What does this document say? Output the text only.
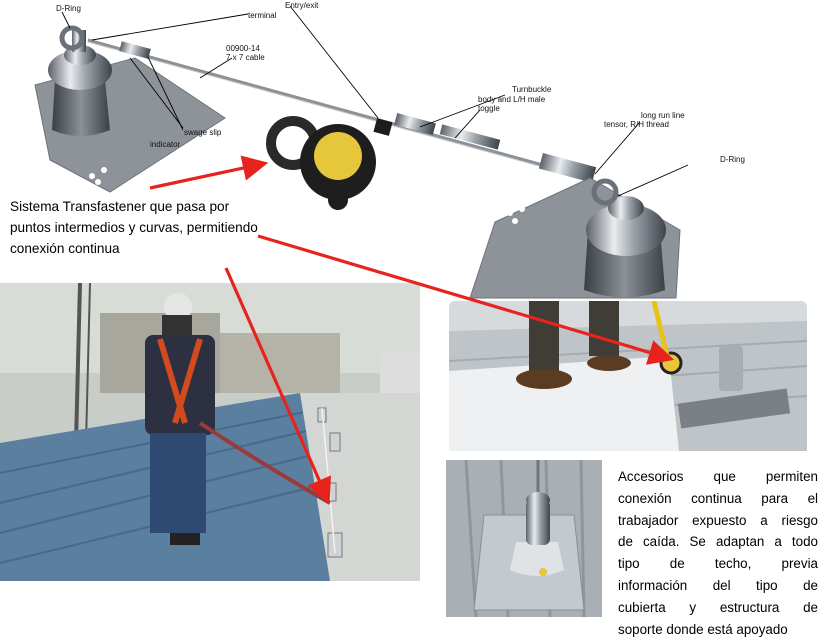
D-Ring
terminal
Entry/exit
00900-14
7 x 7 cable
swage slip
indicator
Turnbuckle
body and L/H male
toggle
long run line
tensor, R/H thread
D-Ring
Sistema Transfastener que pasa por puntos intermedios y curvas, permitiendo conexión continua
Accesorios que permiten
conexión continua para el
trabajador expuesto a riesgo
de caída. Se adaptan a todo
tipo de techo, previa
información del tipo de
cubierta y estructura de
soporte donde está apoyado
